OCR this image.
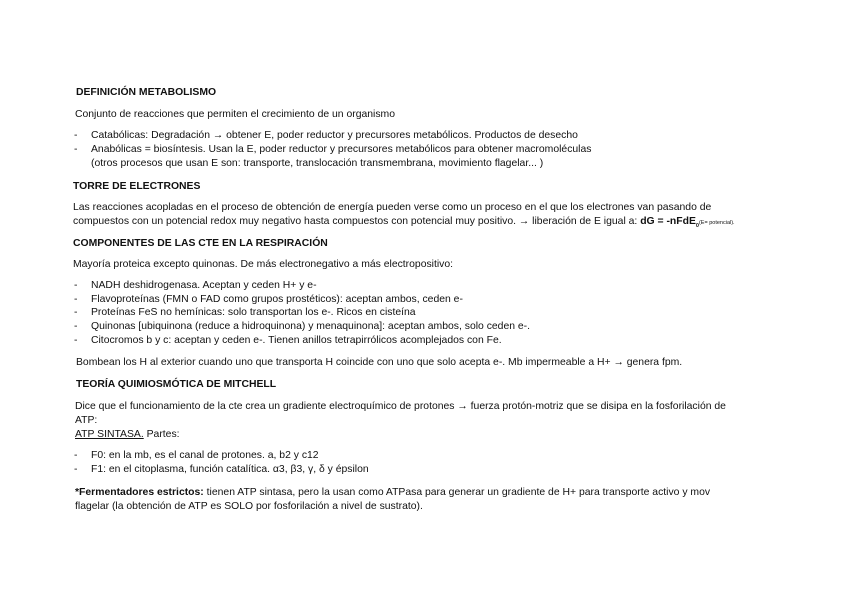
DEFINICIÓN METABOLISMO
Conjunto de reacciones que permiten el crecimiento de un organismo
- Catabólicas: Degradación → obtener E, poder reductor y precursores metabólicos. Productos de desecho
- Anabólicas = biosíntesis. Usan la E, poder reductor y precursores metabólicos para obtener macromoléculas
(otros procesos que usan E son: transporte, translocación transmembrana, movimiento flagelar... )
TORRE DE ELECTRONES
Las reacciones acopladas en el proceso de obtención de energía pueden verse como un proceso en el que los electrones van pasando de
compuestos con un potencial redox muy negativo hasta compuestos con potencial muy positivo. → liberación de E igual a: dG = -nFdE$_0$(E= potencial).
COMPONENTES DE LAS CTE EN LA RESPIRACIÓN
Mayoría proteica excepto quinonas. De más electronegativo a más electropositivo:
- NADH deshidrogenasa. Aceptan y ceden H+ y e-
- Flavoproteínas (FMN o FAD como grupos prostéticos): aceptan ambos, ceden e-
- Proteínas FeS no hemínicas: solo transportan los e-. Ricos en cisteína
- Quinonas [ubiquinona (reduce a hidroquinona) y menaquinona]: aceptan ambos, solo ceden e-.
- Citocromos b y c: aceptan y ceden e-. Tienen anillos tetrapirrólicos acomplejados con Fe.
Bombean los H al exterior cuando uno que transporta H coincide con uno que solo acepta e-. Mb impermeable a H+ → genera fpm.
TEORÍA QUIMIOSMÓTICA DE MITCHELL
Dice que el funcionamiento de la cte crea un gradiente electroquímico de protones → fuerza protón-motriz que se disipa en la fosforilación de
ATP:
ATP SINTASA. Partes:
- F0: en la mb, es el canal de protones. a, b2 y c12
- F1: en el citoplasma, función catalítica. α3, β3, γ, δ y épsilon
*Fermentadores estrictos: tienen ATP sintasa, pero la usan como ATPasa para generar un gradiente de H+ para transporte activo y mov
flagelar (la obtención de ATP es SOLO por fosforilación a nivel de sustrato).
